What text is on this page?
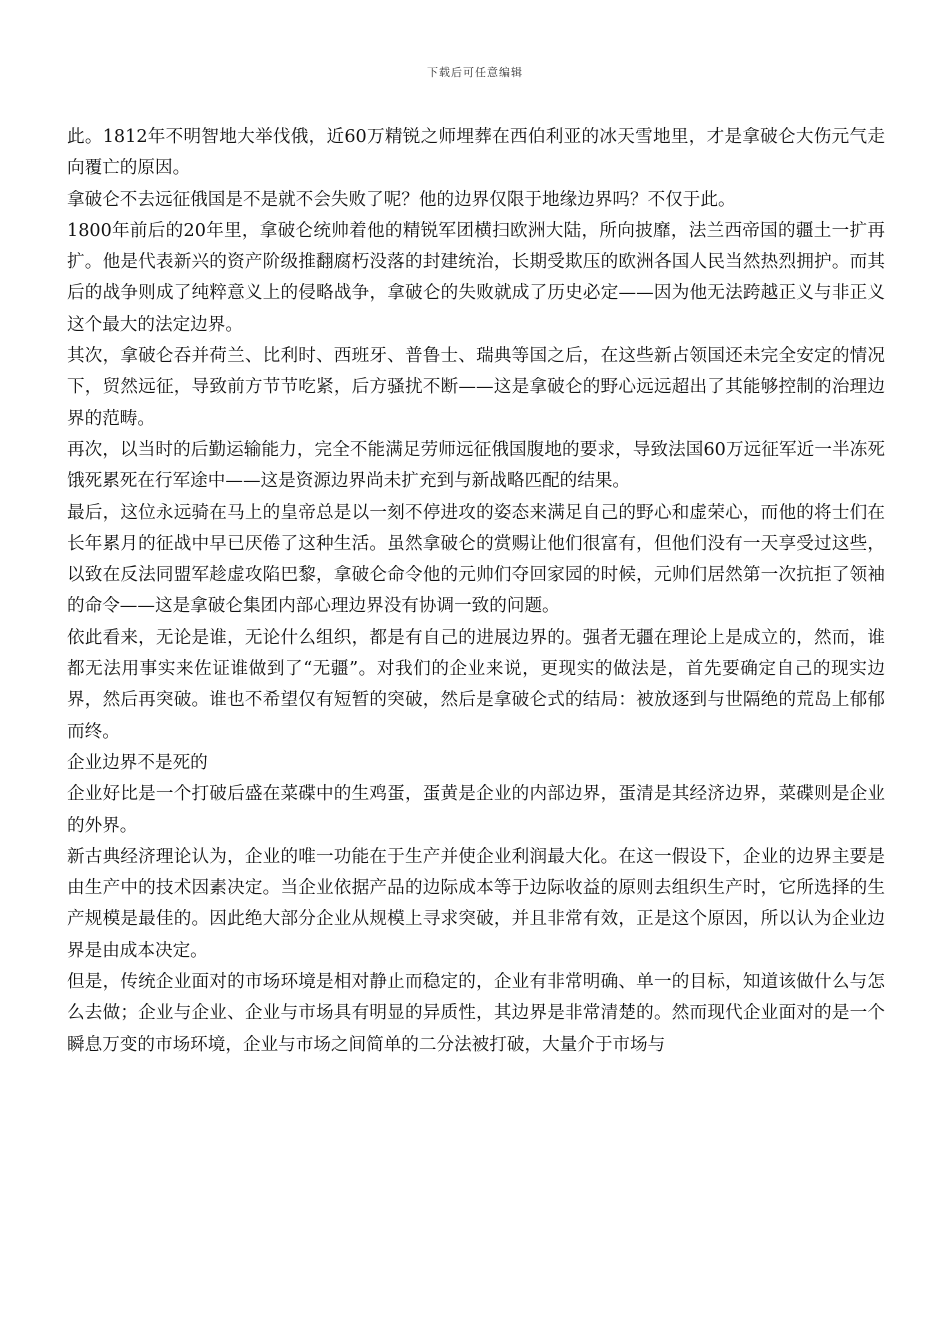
下载后可任意编辑

此。1812年不明智地大举伐俄，近60万精锐之师埋葬在西伯利亚的冰天雪地里，才是拿破仑大伤元气走向覆亡的原因。

拿破仑不去远征俄国是不是就不会失败了呢？他的边界仅限于地缘边界吗？不仅于此。

1800年前后的20年里，拿破仑统帅着他的精锐军团横扫欧洲大陆，所向披靡，法兰西帝国的疆土一扩再扩。他是代表新兴的资产阶级推翻腐朽没落的封建统治，长期受欺压的欧洲各国人民当然热烈拥护。而其后的战争则成了纯粹意义上的侵略战争，拿破仑的失败就成了历史必定——因为他无法跨越正义与非正义这个最大的法定边界。

其次，拿破仑吞并荷兰、比利时、西班牙、普鲁士、瑞典等国之后，在这些新占领国还未完全安定的情况下，贸然远征，导致前方节节吃紧，后方骚扰不断——这是拿破仑的野心远远超出了其能够控制的治理边界的范畴。

再次，以当时的后勤运输能力，完全不能满足劳师远征俄国腹地的要求，导致法国60万远征军近一半冻死饿死累死在行军途中——这是资源边界尚未扩充到与新战略匹配的结果。

最后，这位永远骑在马上的皇帝总是以一刻不停进攻的姿态来满足自己的野心和虚荣心，而他的将士们在长年累月的征战中早已厌倦了这种生活。虽然拿破仑的赏赐让他们很富有，但他们没有一天享受过这些，以致在反法同盟军趁虚攻陷巴黎，拿破仑命令他的元帅们夺回家园的时候，元帅们居然第一次抗拒了领袖的命令——这是拿破仑集团内部心理边界没有协调一致的问题。

依此看来，无论是谁，无论什么组织，都是有自己的进展边界的。强者无疆在理论上是成立的，然而，谁都无法用事实来佐证谁做到了“无疆”。对我们的企业来说，更现实的做法是，首先要确定自己的现实边界，然后再突破。谁也不希望仅有短暂的突破，然后是拿破仑式的结局：被放逐到与世隔绝的荒岛上郁郁而终。

企业边界不是死的

企业好比是一个打破后盛在菜碟中的生鸡蛋，蛋黄是企业的内部边界，蛋清是其经济边界，菜碟则是企业的外界。

新古典经济理论认为，企业的唯一功能在于生产并使企业利润最大化。在这一假设下，企业的边界主要是由生产中的技术因素决定。当企业依据产品的边际成本等于边际收益的原则去组织生产时，它所选择的生产规模是最佳的。因此绝大部分企业从规模上寻求突破，并且非常有效，正是这个原因，所以认为企业边界是由成本决定。

但是，传统企业面对的市场环境是相对静止而稳定的，企业有非常明确、单一的目标，知道该做什么与怎么去做；企业与企业、企业与市场具有明显的异质性，其边界是非常清楚的。然而现代企业面对的是一个瞬息万变的市场环境，企业与市场之间简单的二分法被打破，大量介于市场与
